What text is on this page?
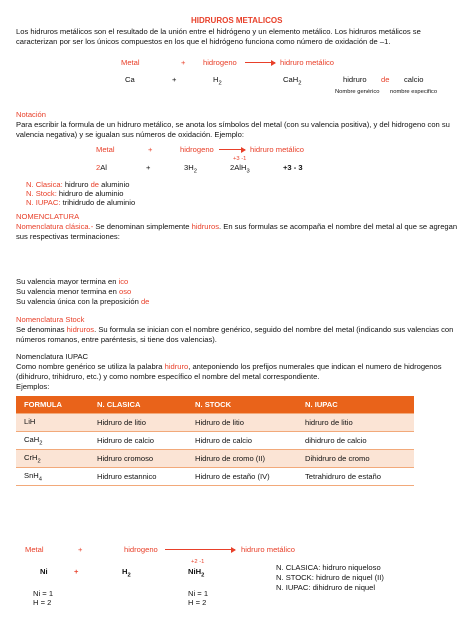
HIDRUROS METALICOS
Los hidruros metálicos son el resultado de la unión entre el hidrógeno y un elemento metálico. Los hidruros metálicos se caracterizan por ser los únicos compuestos en los que el hidrógeno funciona como número de oxidación de –1.
Metal	+ hidrogeno	hidruro metálico
Ca	+	$H_2$	CaH$_2$	hidruro de calcio
Nombre genérico nombre especifico
Notación
Para escribir la formula de un hidruro metálico, se anota los símbolos del metal (con su valencia positiva), y del hidrogeno con su valencia negativa) y se igualan sus números de oxidación. Ejemplo:
Metal	+	hidrogeno	hidruro metálico
+3 -1
2Al	+	$3H_2$	2AlH$_3$	+3 - 3
N. Clasica: hidruro de aluminio
N. Stock: hidruro de aluminio
N. IUPAC: trihidrudo de aluminio
NOMENCLATURA
Nomenclatura clásica.- Se denominan simplemente hidruros. En sus formulas se acompaña el nombre del metal al que se agregan sus respectivas terminaciones:
Su valencia mayor termina en ico
Su valencia menor termina en oso
Su valencia única con la preposición de
Nomenclatura Stock
Se denominas hidruros. Su formula se inician con el nombre genérico, seguido del nombre del metal (indicando sus valencias con números romanos, entre paréntesis, si tiene dos valencias).
Nomenclatura IUPAC
Como nombre genérico se utiliza la palabra hidruro, anteponiendo los prefijos numerales que indican el numero de hidrogenos (dihidruro, trihidruro, etc.) y como nombre específico el nombre del metal correspondiente.
Ejemplos:
FORMULA	N. CLASICA	N. STOCK	N. IUPAC
LiH	Hidruro de litio	Hidruro de litio	hidruro de litio
CaH$_2$	Hidruro de calcio	Hidruro de calcio	dihidruro de calcio
CrH$_2$	Hidruro cromoso	Hidruro de cromo (II)	Dihidruro de cromo
SnH$_4$	Hidruro estannico	Hidruro de estaño (IV)	Tetrahidruro de estaño
Metal	+	hidrogeno	hidruro metálico
+2 -1
Ni	+	$H_2$	NiH$_2$
N. CLASICA: hidruro niqueloso
N. STOCK: hidruro de niquel (II)
N. IUPAC: dihidruro de niquel
Ni = 1
H = 2
Ni = 1
H = 2
